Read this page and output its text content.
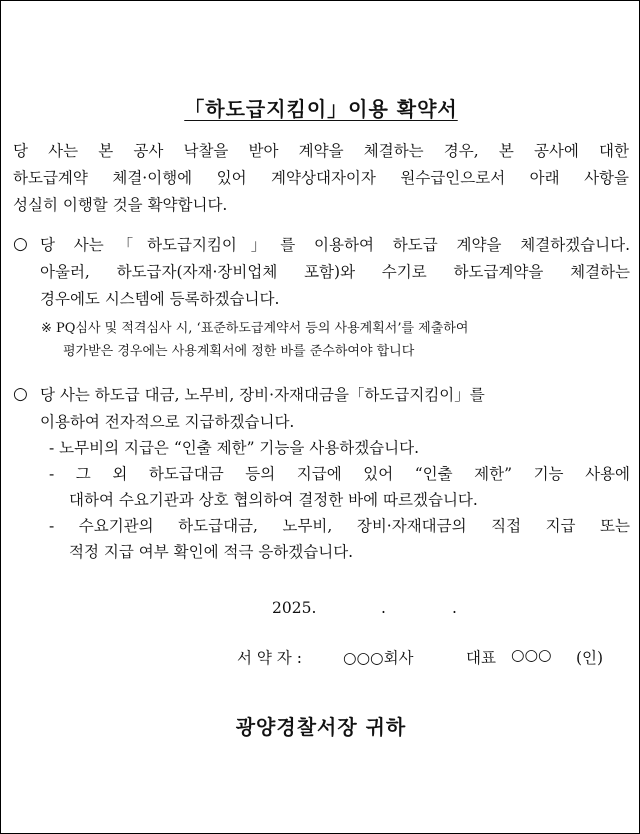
「하도급지킴이」이용 확약서
당 사는 본 공사 낙찰을 받아 계약을 체결하는 경우, 본 공사에 대한
하도급계약 체결·이행에 있어 계약상대자이자 원수급인으로서 아래 사항을
성실히 이행할 것을 확약합니다.
○ 당 사는「하도급지킴이」를 이용하여 하도급 계약을 체결하겠습니다.
아울러, 하도급자(자재·장비업체 포함)와 수기로 하도급계약을 체결하는
경우에도 시스템에 등록하겠습니다.
※ PQ심사 및 적격심사 시, ‘표준하도급계약서 등의 사용계획서’를 제출하여
평가받은 경우에는 사용계획서에 정한 바를 준수하여야 합니다
○ 당 사는 하도급 대금, 노무비, 장비·자재대금을「하도급지킴이」를
이용하여 전자적으로 지급하겠습니다.
- 노무비의 지급은 “인출 제한” 기능을 사용하겠습니다.
- 그 외 하도급대금 등의 지급에 있어 “인출 제한” 기능 사용에
대하여 수요기관과 상호 협의하여 결정한 바에 따르겠습니다.
- 수요기관의 하도급대금, 노무비, 장비·자재대금의 직접 지급 또는
적정 지급 여부 확인에 적극 응하겠습니다.
2025.	.	.
서 약 자 :	○○○회사	대표 ○○○ (인)
광양경찰서장 귀하
